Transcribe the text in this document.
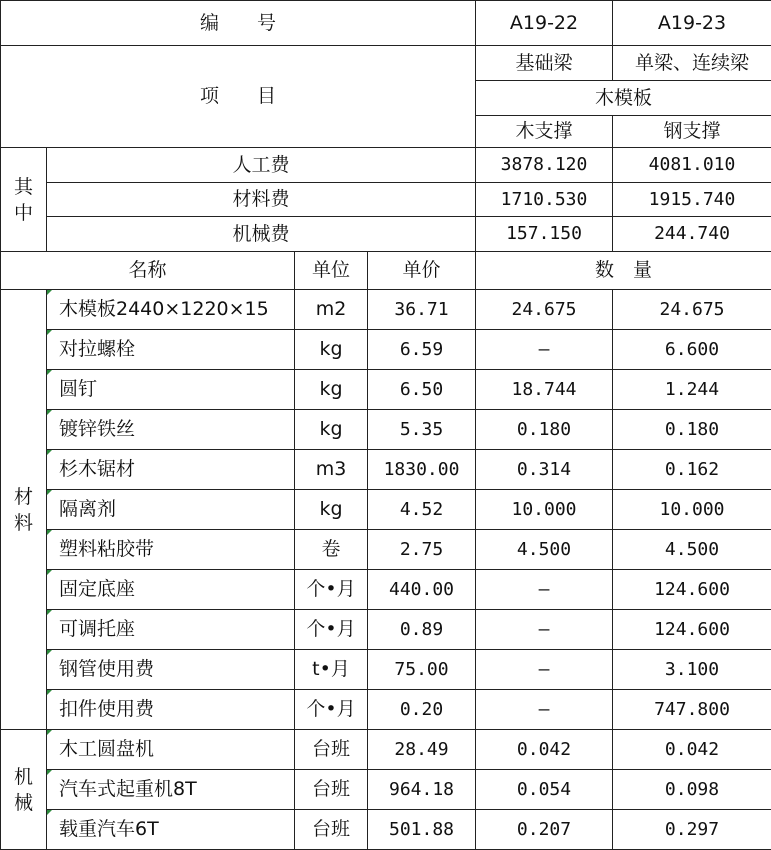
编　　号				A19-22	A19-23
项　　目				基础梁	单梁、连续梁
				木模板	
				木支撑	钢支撑

其
中	人工费			3878.120	4081.010
	材料费			1710.530	1915.740
	机械费			157.150	244.740
名称		单位	单价	数　量	

材
料	木模板2440×1220×15	m2	36.71	24.675	24.675
	对拉螺栓	kg	6.59	—	6.600
	圆钉	kg	6.50	18.744	1.244
	镀锌铁丝	kg	5.35	0.180	0.180
	杉木锯材	m3	1830.00	0.314	0.162
	隔离剂	kg	4.52	10.000	10.000
	塑料粘胶带	卷	2.75	4.500	4.500
	固定底座	个•月	440.00	—	124.600
	可调托座	个•月	0.89	—	124.600
	钢管使用费	t•月	75.00	—	3.100
	扣件使用费	个•月	0.20	—	747.800

机
械	木工圆盘机	台班	28.49	0.042	0.042
	汽车式起重机8T	台班	964.18	0.054	0.098
	载重汽车6T	台班	501.88	0.207	0.297
